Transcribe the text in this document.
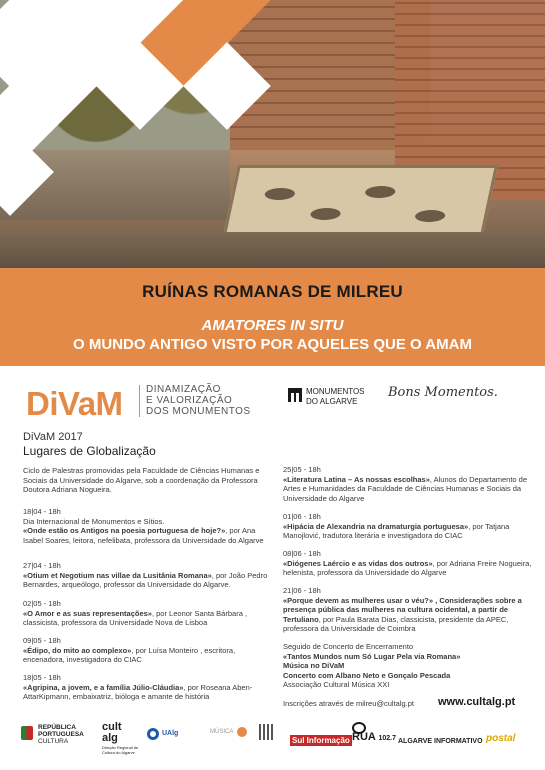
RUÍNAS ROMANAS DE MILREU
AMATORES IN SITU
O MUNDO ANTIGO VISTO POR AQUELES QUE O AMAM
DiVaM DINAMIZAÇÃO
E VALORIZAÇÃO
DOS MONUMENTOS
MONUMENTOS
DO ALGARVE
Bons Momentos.
DiVaM 2017
Lugares de Globalização
Ciclo de Palestras promovidas pela Faculdade de Ciências Humanas e Sociais da Universidade do Algarve, sob a coordenação da Professora Doutora Adriana Nogueira.
18|04 - 18h
Dia Internacional de Monumentos e Sítios.
«Onde estão os Antigos na poesia portuguesa de hoje?», por Ana Isabel Soares, leitora, nefelibata, professora da Universidade do Algarve
27|04 - 18h
«Otium et Negotium nas villae da Lusitânia Romana», por João Pedro Bernardes, arqueólogo, professor da Universidade do Algarve.
02|05 - 18h
«O Amor e as suas representações», por Leonor Santa Bárbara , classicista, professora da Universidade Nova de Lisboa
09|05 - 18h
«Édipo, do mito ao complexo», por Luísa Monteiro , escritora, encenadora, investigadora do CIAC
18|05 - 18h
«Agripina, a jovem, e a família Júlio-Cláudia», por Roseana Aben-AttarKipmann, embaixatriz, bióloga e amante de história
25|05 - 18h
«Literatura Latina – As nossas escolhas», Alunos do Departamento de Artes e Humanidades da Faculdade de Ciências Humanas e Sociais da Universidade do Algarve
01|06 - 18h
«Hipácia de Alexandria na dramaturgia portuguesa», por Tatjana Manojlović, tradutora literária e investigadora do CIAC
08|06 - 18h
«Diógenes Laércio e as vidas dos outros», por Adriana Freire Nogueira, helenista, professora da Universidade do Algarve
21|06 - 18h
«Porque devem as mulheres usar o véu?» , Considerações sobre a presença pública das mulheres na cultura ocidental, a partir de Tertuliano, por Paula Barata Dias, classicista, presidente da APEC, professora da Universidade de Coimbra
Seguido de Concerto de Encerramento
«Tantos Mundos num Só Lugar Pela via Romana»
Música no DiVaM
Concerto com Albano Neto e Gonçalo Pescada
Associação Cultural Música XXI
Inscrições através de milreu@cultalg.pt www.cultalg.pt
REPÚBLICA
PORTUGUESA
CULTURA
cult
alg
Direção Regional de
Cultura do Algarve
UAlg	MÚSICA
Sul Informação RUA 102.7 ALGARVE INFORMATIVO postal
